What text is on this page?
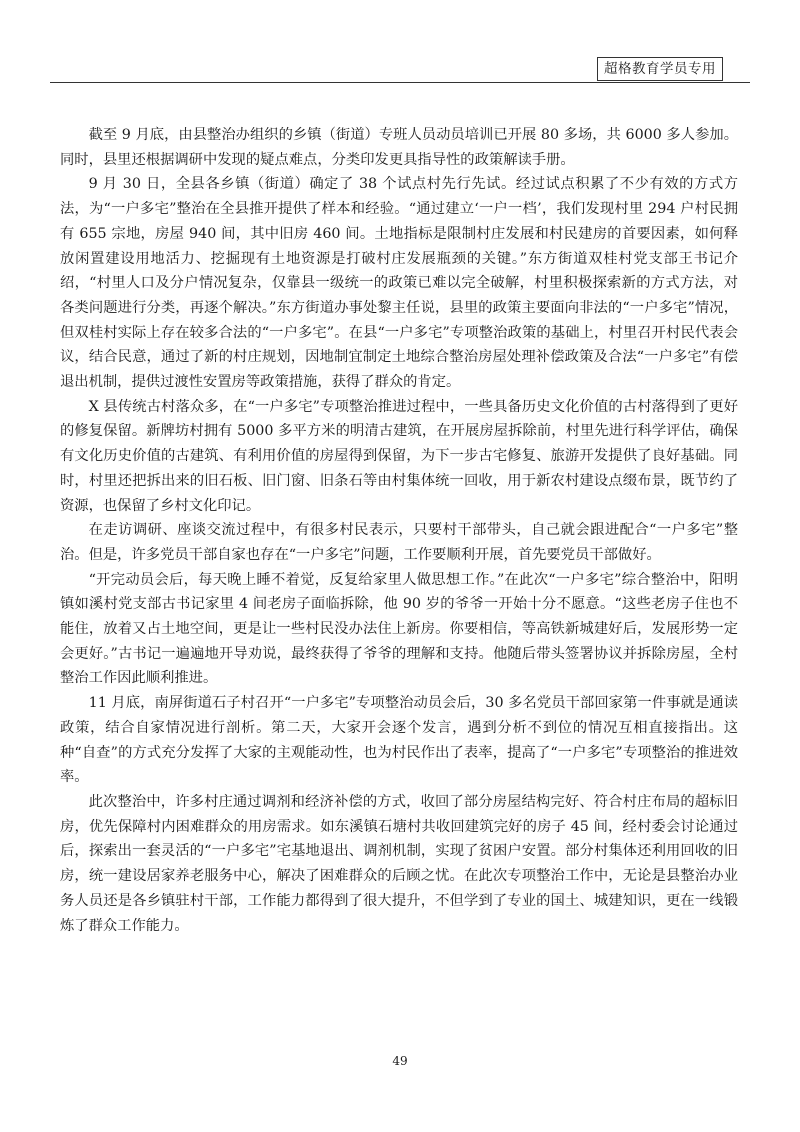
超格教育学员专用

截至 9 月底，由县整治办组织的乡镇（街道）专班人员动员培训已开展 80 多场，共 6000 多人参加。同时，县里还根据调研中发现的疑点难点，分类印发更具指导性的政策解读手册。

9 月 30 日，全县各乡镇（街道）确定了 38 个试点村先行先试。经过试点积累了不少有效的方式方法，为“一户多宅”整治在全县推开提供了样本和经验。“通过建立‘一户一档’，我们发现村里 294 户村民拥有 655 宗地，房屋 940 间，其中旧房 460 间。土地指标是限制村庄发展和村民建房的首要因素，如何释放闲置建设用地活力、挖掘现有土地资源是打破村庄发展瓶颈的关键。”东方街道双桂村党支部王书记介绍，“村里人口及分户情况复杂，仅靠县一级统一的政策已难以完全破解，村里积极探索新的方式方法，对各类问题进行分类，再逐个解决。”东方街道办事处黎主任说，县里的政策主要面向非法的“一户多宅”情况，但双桂村实际上存在较多合法的“一户多宅”。在县“一户多宅”专项整治政策的基础上，村里召开村民代表会议，结合民意，通过了新的村庄规划，因地制宜制定土地综合整治房屋处理补偿政策及合法“一户多宅”有偿退出机制，提供过渡性安置房等政策措施，获得了群众的肯定。

X 县传统古村落众多，在“一户多宅”专项整治推进过程中，一些具备历史文化价值的古村落得到了更好的修复保留。新牌坊村拥有 5000 多平方米的明清古建筑，在开展房屋拆除前，村里先进行科学评估，确保有文化历史价值的古建筑、有利用价值的房屋得到保留，为下一步古宅修复、旅游开发提供了良好基础。同时，村里还把拆出来的旧石板、旧门窗、旧条石等由村集体统一回收，用于新农村建设点缀布景，既节约了资源，也保留了乡村文化印记。

在走访调研、座谈交流过程中，有很多村民表示，只要村干部带头，自己就会跟进配合“一户多宅”整治。但是，许多党员干部自家也存在“一户多宅”问题，工作要顺利开展，首先要党员干部做好。

“开完动员会后，每天晚上睡不着觉，反复给家里人做思想工作。”在此次“一户多宅”综合整治中，阳明镇如溪村党支部古书记家里 4 间老房子面临拆除，他 90 岁的爷爷一开始十分不愿意。“这些老房子住也不能住，放着又占土地空间，更是让一些村民没办法住上新房。你要相信，等高铁新城建好后，发展形势一定会更好。”古书记一遍遍地开导劝说，最终获得了爷爷的理解和支持。他随后带头签署协议并拆除房屋，全村整治工作因此顺利推进。

11 月底，南屏街道石子村召开“一户多宅”专项整治动员会后，30 多名党员干部回家第一件事就是通读政策，结合自家情况进行剖析。第二天，大家开会逐个发言，遇到分析不到位的情况互相直接指出。这种“自查”的方式充分发挥了大家的主观能动性，也为村民作出了表率，提高了“一户多宅”专项整治的推进效率。

此次整治中，许多村庄通过调剂和经济补偿的方式，收回了部分房屋结构完好、符合村庄布局的超标旧房，优先保障村内困难群众的用房需求。如东溪镇石塘村共收回建筑完好的房子 45 间，经村委会讨论通过后，探索出一套灵活的“一户多宅”宅基地退出、调剂机制，实现了贫困户安置。部分村集体还利用回收的旧房，统一建设居家养老服务中心，解决了困难群众的后顾之忧。在此次专项整治工作中，无论是县整治办业务人员还是各乡镇驻村干部，工作能力都得到了很大提升，不但学到了专业的国土、城建知识，更在一线锻炼了群众工作能力。

49
